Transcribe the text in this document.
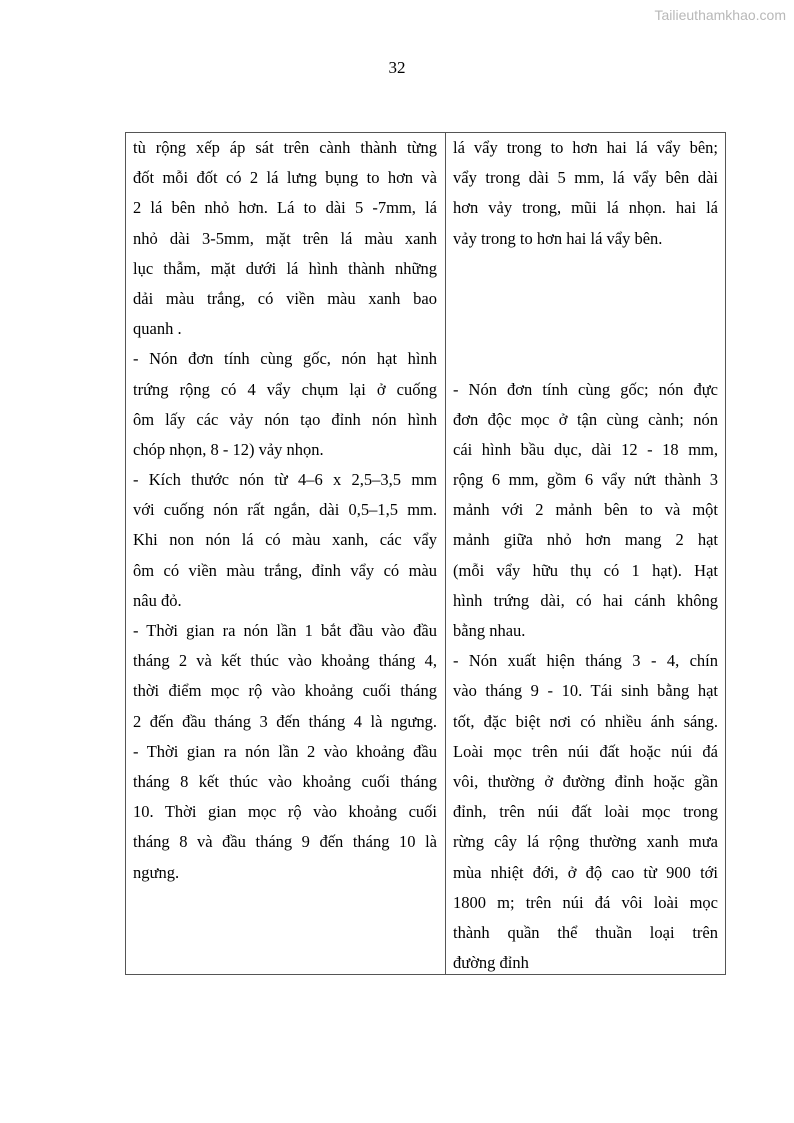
Tailieuthamkhao.com
32
tù rộng xếp áp sát trên cành thành từng
đốt mỗi đốt có 2 lá lưng bụng to hơn và
2 lá bên nhỏ hơn. Lá to dài 5 -7mm, lá
nhỏ dài 3-5mm, mặt trên lá màu xanh
lục thẫm, mặt dưới lá hình thành những
dải màu trắng, có viền màu xanh bao
quanh .
- Nón đơn tính cùng gốc, nón hạt hình
trứng rộng có 4 vẩy chụm lại ở cuống
ôm lấy các vảy nón tạo đỉnh nón hình
chóp nhọn, 8 - 12) vảy nhọn.
- Kích thước nón từ 4–6 x 2,5–3,5 mm
với cuống nón rất ngắn, dài 0,5–1,5 mm.
Khi non nón lá có màu xanh, các vẩy
ôm có viền màu trắng, đỉnh vẩy có màu
nâu đỏ.
- Thời gian ra nón lần 1 bắt đầu vào đầu
tháng 2 và kết thúc vào khoảng tháng 4,
thời điểm mọc rộ vào khoảng cuối tháng
2 đến đầu tháng 3 đến tháng 4 là ngưng.
- Thời gian ra nón lần 2 vào khoảng đầu
tháng 8 kết thúc vào khoảng cuối tháng
10. Thời gian mọc rộ vào khoảng cuối
tháng 8 và đầu tháng 9 đến tháng 10 là
ngưng.
lá vẩy trong to hơn hai lá vẩy bên;
vẩy trong dài 5 mm, lá vẩy bên dài
hơn vảy trong, mũi lá nhọn. hai lá
vảy trong to hơn hai lá vẩy bên.
- Nón đơn tính cùng gốc; nón đực
đơn độc mọc ở tận cùng cành; nón
cái hình bầu dục, dài 12 - 18 mm,
rộng 6 mm, gồm 6 vẩy nứt thành 3
mảnh với 2 mảnh bên to và một
mảnh giữa nhỏ hơn mang 2 hạt
(mỗi vẩy hữu thụ có 1 hạt). Hạt
hình trứng dài, có hai cánh không
bằng nhau.
- Nón xuất hiện tháng 3 - 4, chín
vào tháng 9 - 10. Tái sinh bằng hạt
tốt, đặc biệt nơi có nhiều ánh sáng.
Loài mọc trên núi đất hoặc núi đá
vôi, thường ở đường đỉnh hoặc gần
đỉnh, trên núi đất loài mọc trong
rừng cây lá rộng thường xanh mưa
mùa nhiệt đới, ở độ cao từ 900 tới
1800 m; trên núi đá vôi loài mọc
thành quần thể thuần loại trên
đường đỉnh
